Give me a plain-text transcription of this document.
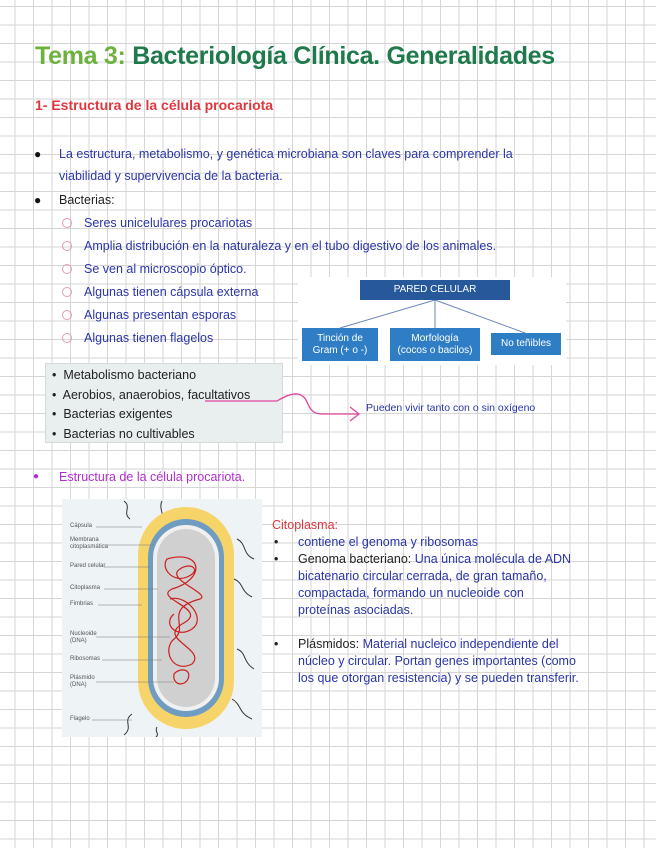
Tema 3: Bacteriología Clínica. Generalidades
1- Estructura de la célula procariota
● La estructura, metabolismo, y genética microbiana son claves para comprender la
viabilidad y supervivencia de la bacteria.
● Bacterias:
Seres unicelulares procariotas
Amplia distribución en la naturaleza y en el tubo digestivo de los animales.
Se ven al microscopio óptico.
Algunas tienen cápsula externa
Algunas presentan esporas
Algunas tienen flagelos
PARED CELULAR
Tinción de
Gram (+ o -)
Morfología
(cocos o bacilos)
No teñibles
•  Metabolismo bacteriano
•  Aerobios, anaerobios, facultativos
•  Bacterias exigentes
•  Bacterias no cultivables
Pueden vivir tanto con o sin oxígeno
● Estructura de la célula procariota.
Cápsula
Membrana
citoplasmática
Pared celular
Citoplasma
Fimbrias
Nucleoide
(DNA)
Ribosomas
Plásmido
(DNA)
Flagelo
Citoplasma:
• contiene el genoma y ribosomas
• Genoma bacteriano: Una única molécula de ADN
bicatenario circular cerrada, de gran tamaño,
compactada, formando un nucleoide con
proteínas asociadas.
• Plásmidos: Material nucleico independiente del
núcleo y circular. Portan genes importantes (como
los que otorgan resistencia) y se pueden transferir.
